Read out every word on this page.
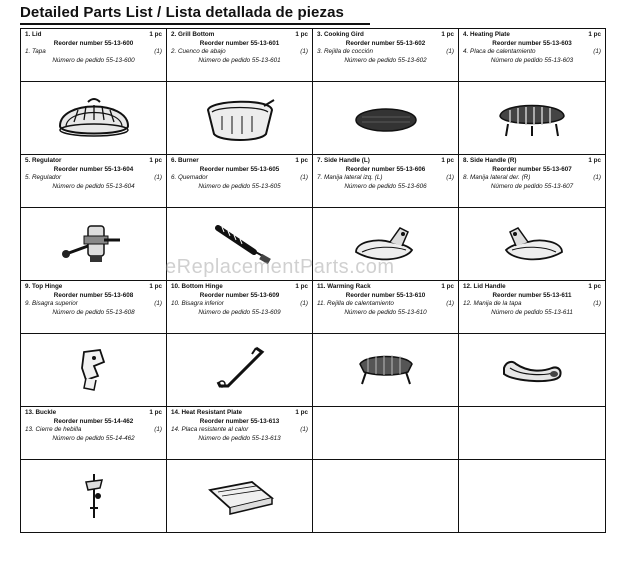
Detailed Parts List / Lista detallada de piezas
1. Lid	1 pc
Reorder number 55-13-600
1. Tapa	(1)
Número de pedido 55-13-600
2. Grill Bottom	1 pc
Reorder number 55-13-601
2. Cuenco de abajo	(1)
Número de pedido 55-13-601
3. Cooking Gird	1 pc
Reorder number 55-13-602
3. Rejilla de cocción	(1)
Número de pedido 55-13-602
4. Heating Plate	1 pc
Reorder number 55-13-603
4. Placa de calentamiento	(1)
Número de pedido 55-13-603
5. Regulator	1 pc
Reorder number 55-13-604
5. Regulador	(1)
Número de pedido 55-13-604
6. Burner	1 pc
Reorder number 55-13-605
6. Quemador	(1)
Número de pedido 55-13-605
7. Side Handle (L)	1 pc
Reorder number 55-13-606
7. Manija lateral izq. (L)	(1)
Número de pedido 55-13-606
8. Side Handle (R)	1 pc
Reorder number 55-13-607
8. Manija lateral der. (R)	(1)
Número de pedido 55-13-607
9. Top Hinge	1 pc
Reorder number 55-13-608
9. Bisagra superior	(1)
Número de pedido 55-13-608
10. Bottom Hinge	1 pc
Reorder number 55-13-609
10. Bisagra inferior	(1)
Número de pedido 55-13-609
11. Warming Rack	1 pc
Reorder number 55-13-610
11. Rejilla de calentamiento	(1)
Número de pedido 55-13-610
12. Lid Handle	1 pc
Reorder number 55-13-611
12. Manija de la tapa	(1)
Número de pedido 55-13-611
13. Buckle	1 pc
Reorder number 55-14-462
13. Cierre de hebilla	(1)
Número de pedido 55-14-462
14. Heat Resistant Plate	1 pc
Reorder number 55-13-613
14. Placa resistente al calor	(1)
Número de pedido 55-13-613
eReplacementParts.com
